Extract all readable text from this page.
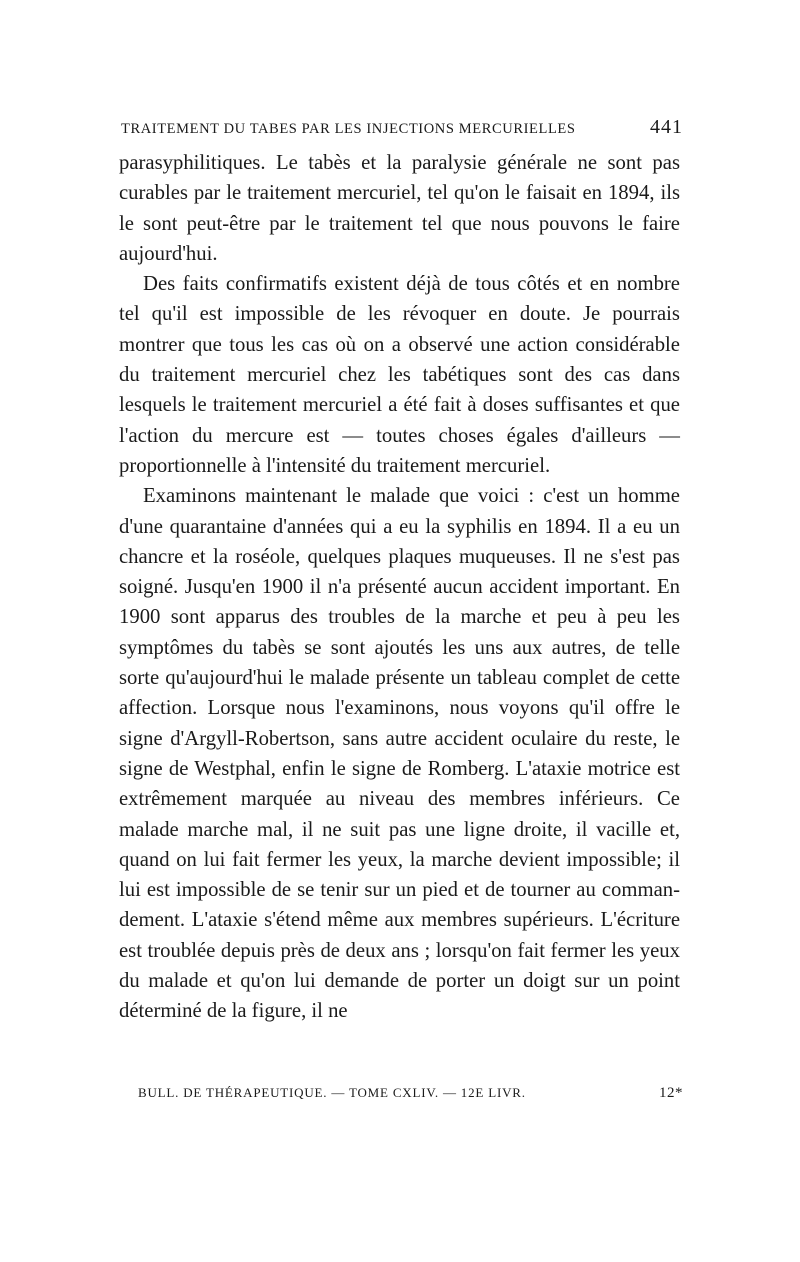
TRAITEMENT DU TABES PAR LES INJECTIONS MERCURIELLES	441

parasyphilitiques. Le tabès et la paralysie générale ne sont pas curables par le traitement mercuriel, tel qu'on le faisait en 1894, ils le sont peut-être par le traitement tel que nous pouvons le faire aujourd'hui.

Des faits confirmatifs existent déjà de tous côtés et en nombre tel qu'il est impossible de les révoquer en doute. Je pourrais montrer que tous les cas où on a observé une action considérable du traitement mercuriel chez les tabétiques sont des cas dans lesquels le traitement mercuriel a été fait à doses suffisantes et que l'action du mercure est — toutes choses égales d'ailleurs — proportionnelle à l'intensité du traitement mercuriel.

Examinons maintenant le malade que voici : c'est un homme d'une quarantaine d'années qui a eu la syphilis en 1894. Il a eu un chancre et la roséole, quelques plaques muqueuses. Il ne s'est pas soigné. Jusqu'en 1900 il n'a présenté aucun accident important. En 1900 sont apparus des troubles de la marche et peu à peu les symptômes du tabès se sont ajoutés les uns aux autres, de telle sorte qu'aujourd'hui le malade présente un tableau complet de cette affection. Lorsque nous l'examinons, nous voyons qu'il offre le signe d'Argyll-Robertson, sans autre accident oculaire du reste, le signe de Westphal, enfin le signe de Romberg. L'ataxie motrice est extrêmement marquée au niveau des membres inférieurs. Ce malade marche mal, il ne suit pas une ligne droite, il vacille et, quand on lui fait fermer les yeux, la marche devient impossible; il lui est impossible de se tenir sur un pied et de tourner au commandement. L'ataxie s'étend même aux membres supérieurs. L'écriture est troublée depuis près de deux ans ; lorsqu'on fait fermer les yeux du malade et qu'on lui demande de porter un doigt sur un point déterminé de la figure, il ne

BULL. DE THÉRAPEUTIQUE. — TOME CXLIV. — 12E LIVR.	12*
